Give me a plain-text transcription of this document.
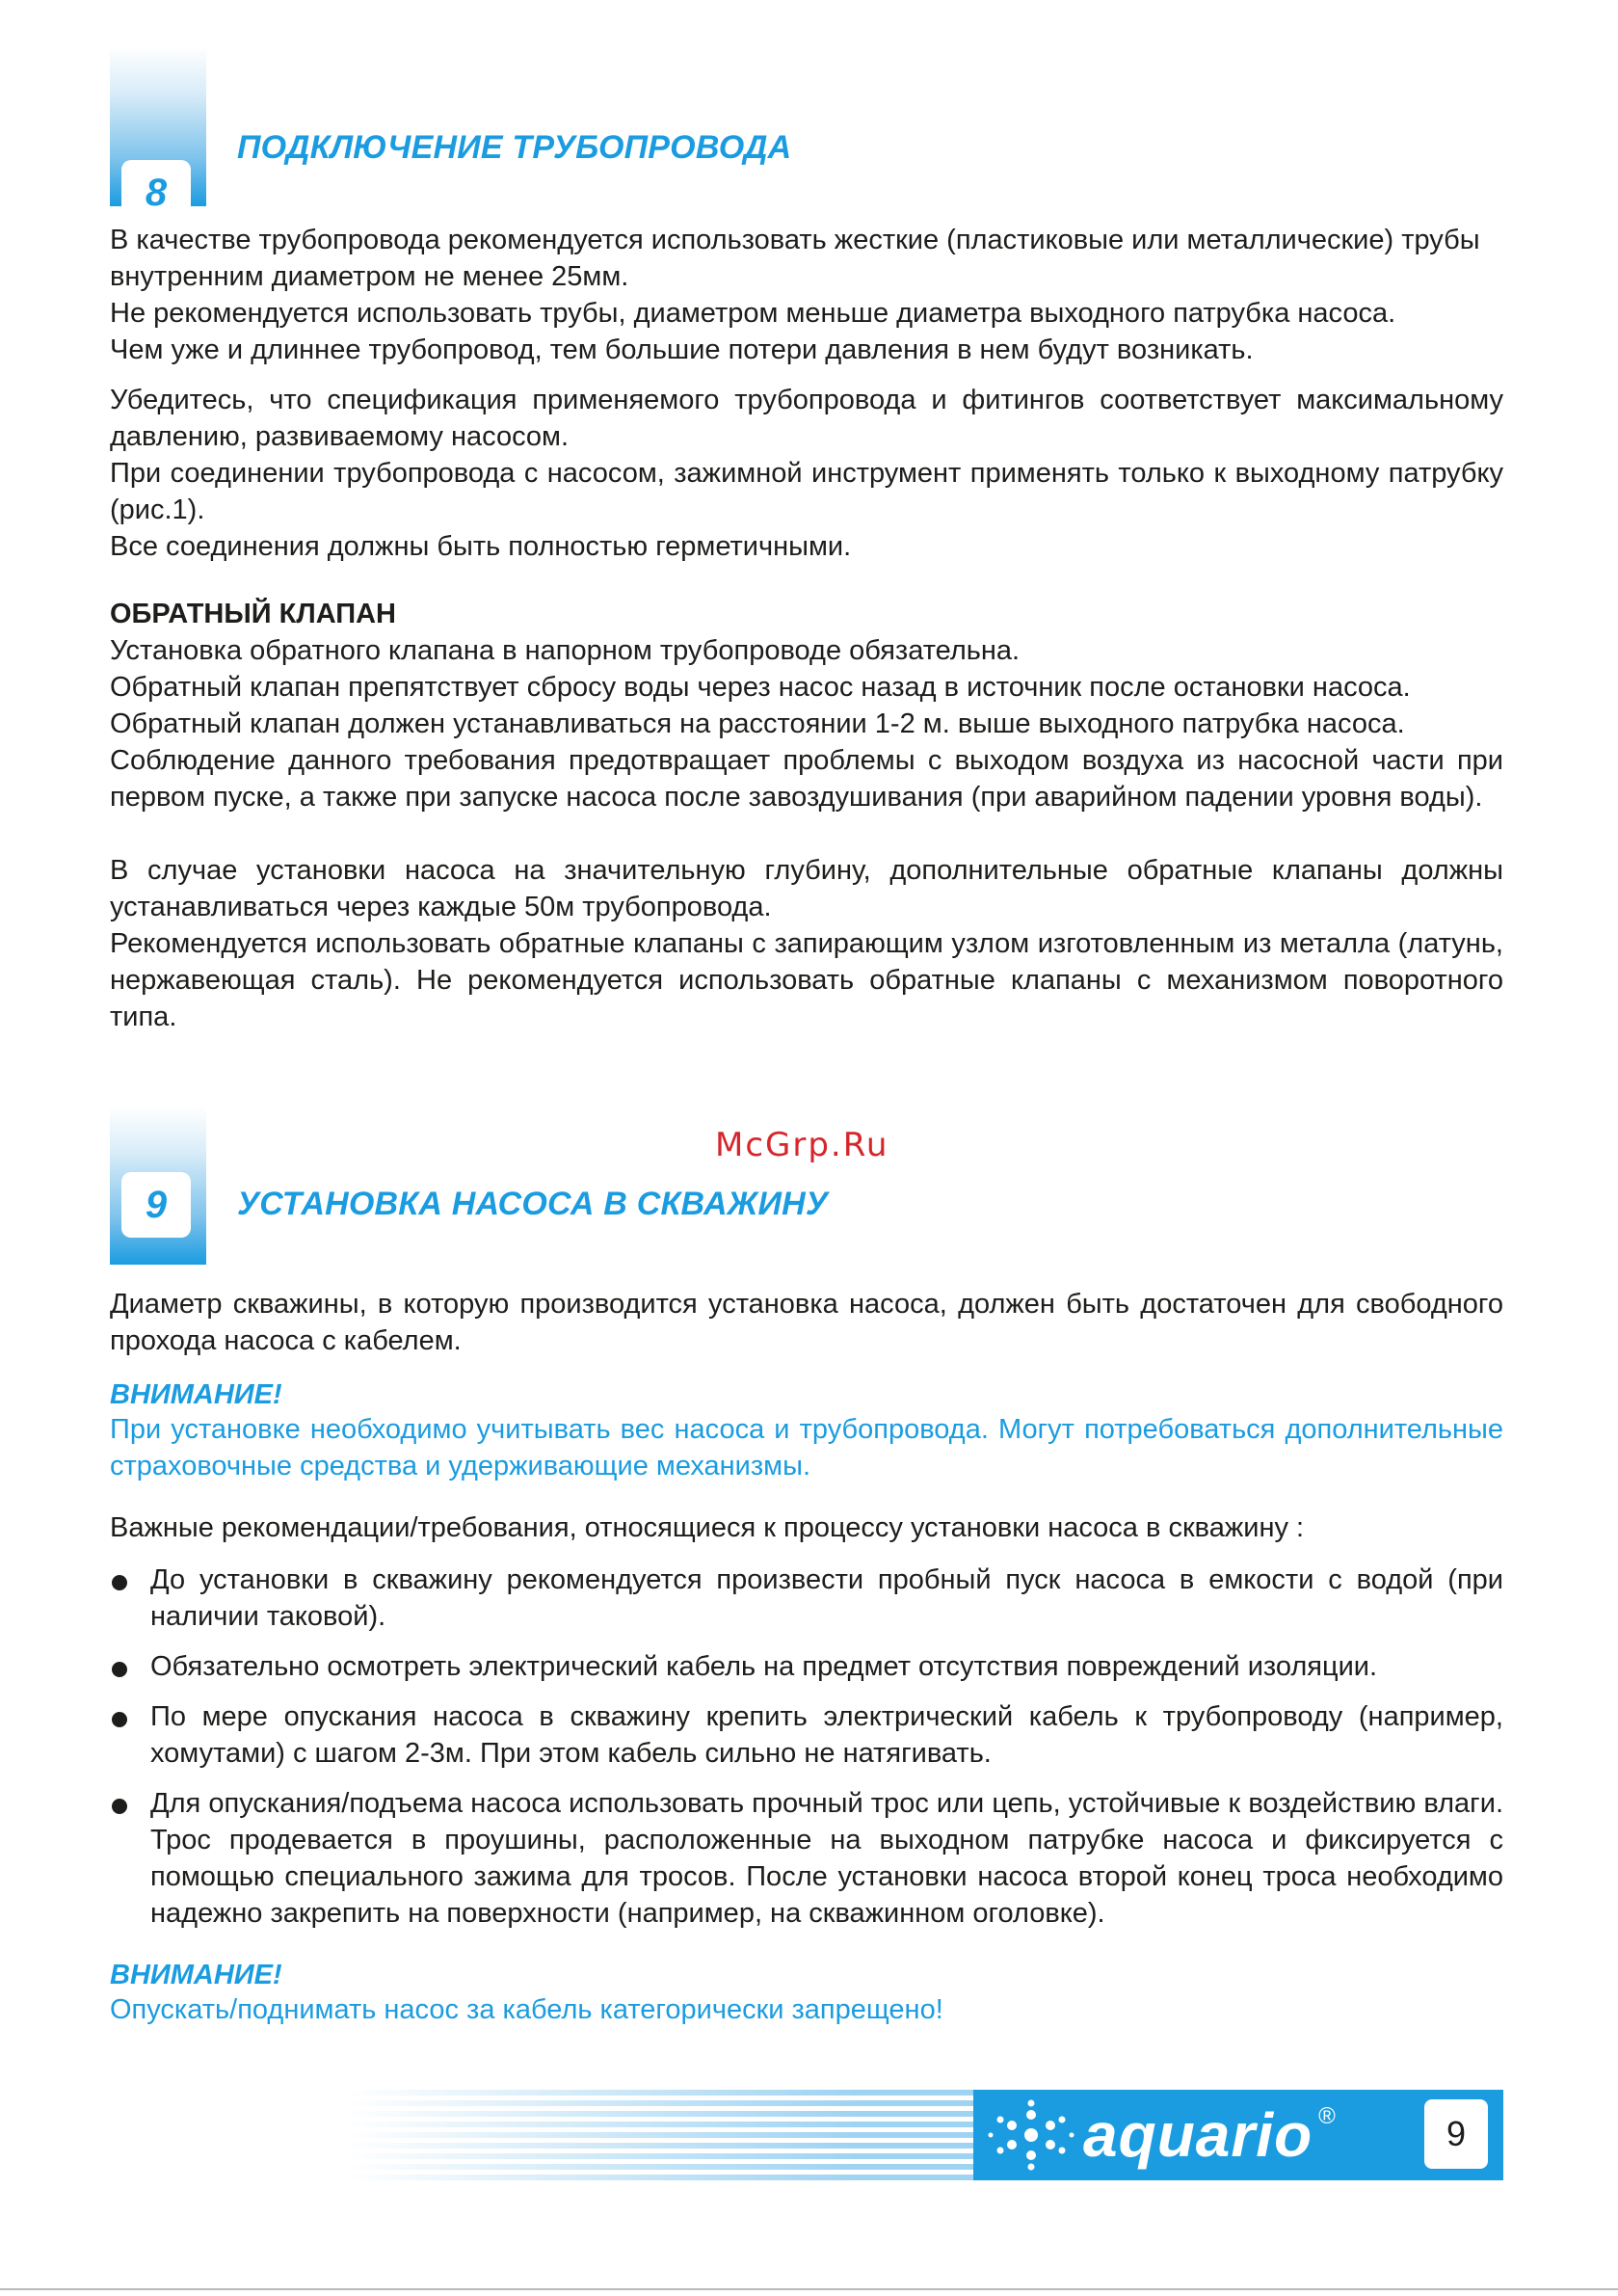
8
ПОДКЛЮЧЕНИЕ ТРУБОПРОВОДА

В качестве трубопровода рекомендуется использовать жесткие (пластиковые или металлические) трубы внутренним диаметром не менее 25мм.

Не рекомендуется использовать трубы, диаметром меньше диаметра выходного патрубка насоса.

Чем уже и длиннее трубопровод, тем большие потери давления в нем будут возникать.

Убедитесь, что спецификация применяемого трубопровода и фитингов соответствует максимальному давлению, развиваемому насосом.

При соединении трубопровода с насосом, зажимной инструмент применять только к выходному патрубку (рис.1).

Все соединения должны быть полностью герметичными.

ОБРАТНЫЙ КЛАПАН

Установка обратного клапана в напорном трубопроводе обязательна.

Обратный клапан препятствует сбросу воды через насос назад в источник после остановки насоса.

Обратный клапан должен устанавливаться на расстоянии 1-2 м. выше выходного патрубка насоса.

Соблюдение данного требования предотвращает проблемы с выходом воздуха из насосной части при первом пуске, а также при запуске насоса после завоздушивания (при аварийном падении уровня воды).

В случае установки насоса на значительную глубину, дополнительные обратные клапаны должны устанавливаться через каждые 50м трубопровода.

Рекомендуется использовать обратные клапаны с запирающим узлом изготовленным из металла (латунь, нержавеющая сталь). Не рекомендуется использовать обратные клапаны с механизмом поворотного типа.

McGrp.Ru
9	УСТАНОВКА НАСОСА В СКВАЖИНУ

Диаметр скважины, в которую производится установка насоса, должен быть достаточен для свободного прохода насоса с кабелем.

ВНИМАНИЕ!

При установке необходимо учитывать вес насоса и трубопровода. Могут потребоваться дополнительные страховочные средства и удерживающие механизмы.

Важные рекомендации/требования, относящиеся к процессу установки насоса в скважину :

До установки в скважину рекомендуется произвести пробный пуск насоса в емкости с водой (при наличии таковой).

Обязательно осмотреть электрический кабель на предмет отсутствия повреждений изоляции.

По мере опускания насоса в скважину крепить электрический кабель к трубопроводу (например, хомутами) с шагом 2-3м. При этом кабель сильно не натягивать.

Для опускания/подъема насоса использовать прочный трос или цепь, устойчивые к воздействию влаги. Трос продевается в проушины, расположенные на выходном патрубке насоса и фиксируется с помощью специального зажима для тросов. После установки насоса второй конец троса необходимо надежно закрепить на поверхности (например, на скважинном оголовке).

ВНИМАНИЕ!

Опускать/поднимать насос за кабель категорически запрещено!

aquario ®	9
